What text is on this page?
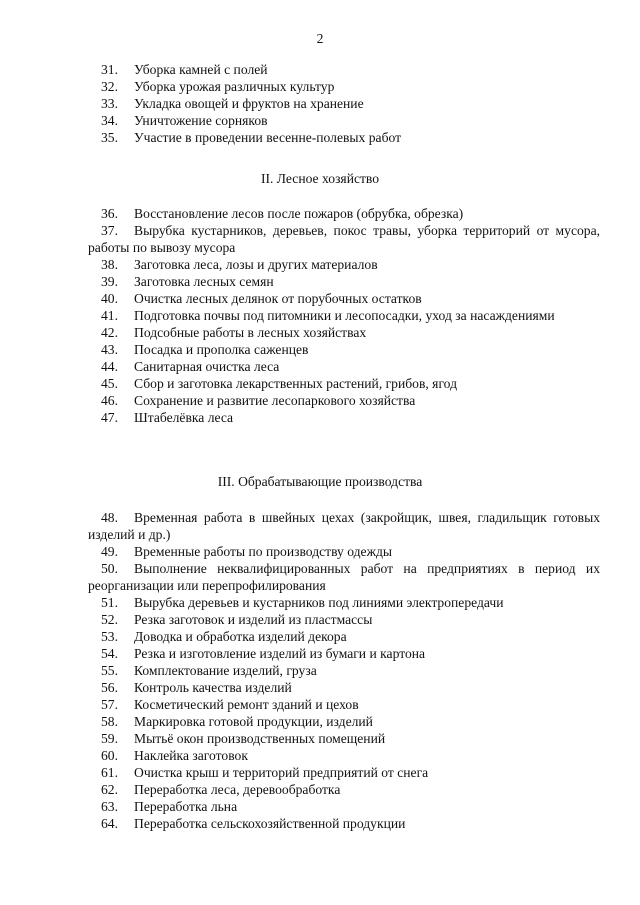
2

31. Уборка камней с полей

32. Уборка урожая различных культур

33. Укладка овощей и фруктов на хранение

34. Уничтожение сорняков

35. Участие в проведении весенне-полевых работ

II. Лесное хозяйство

36. Восстановление лесов после пожаров (обрубка, обрезка)

37. Вырубка кустарников, деревьев, покос травы, уборка территорий от мусора, работы по вывозу мусора

38. Заготовка леса, лозы и других материалов

39. Заготовка лесных семян

40. Очистка лесных делянок от порубочных остатков

41. Подготовка почвы под питомники и лесопосадки, уход за насаждениями

42. Подсобные работы в лесных хозяйствах

43. Посадка и прополка саженцев

44. Санитарная очистка леса

45. Сбор и заготовка лекарственных растений, грибов, ягод

46. Сохранение и развитие лесопаркового хозяйства

47. Штабелёвка леса

III. Обрабатывающие производства

48. Временная работа в швейных цехах (закройщик, швея, гладильщик готовых изделий и др.)

49. Временные работы по производству одежды

50. Выполнение неквалифицированных работ на предприятиях в период их реорганизации или перепрофилирования

51. Вырубка деревьев и кустарников под линиями электропередачи

52. Резка заготовок и изделий из пластмассы

53. Доводка и обработка изделий декора

54. Резка и изготовление изделий из бумаги и картона

55. Комплектование изделий, груза

56. Контроль качества изделий

57. Косметический ремонт зданий и цехов

58. Маркировка готовой продукции, изделий

59. Мытьё окон производственных помещений

60. Наклейка заготовок

61. Очистка крыш и территорий предприятий от снега

62. Переработка леса, деревообработка

63. Переработка льна

64. Переработка сельскохозяйственной продукции
